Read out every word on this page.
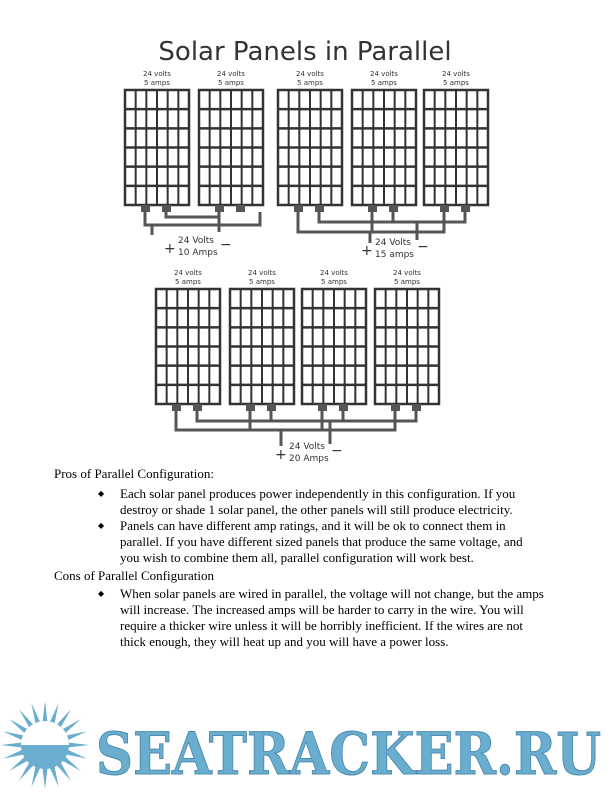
Solar Panels in Parallel
24 volts
5 amps
24 volts
5 amps
24 volts
5 amps
24 volts
5 amps
24 volts
5 amps
24 volts
5 amps
24 volts
5 amps
24 volts
5 amps
24 volts
5 amps
+ 24 Volts
10 Amps −	+ 24 Volts
15 amps −
+ 24 Volts
20 Amps −
Pros of Parallel Configuration:
◆ Each solar panel produces power independently in this configuration. If you destroy or shade 1 solar panel, the other panels will still produce electricity.
◆ Panels can have different amp ratings, and it will be ok to connect them in parallel. If you have different sized panels that produce the same voltage, and you wish to combine them all, parallel configuration will work best.
Cons of Parallel Configuration
◆ When solar panels are wired in parallel, the voltage will not change, but the amps will increase. The increased amps will be harder to carry in the wire. You will require a thicker wire unless it will be horribly inefficient. If the wires are not thick enough, they will heat up and you will have a power loss.
SEATRACKER.RU
